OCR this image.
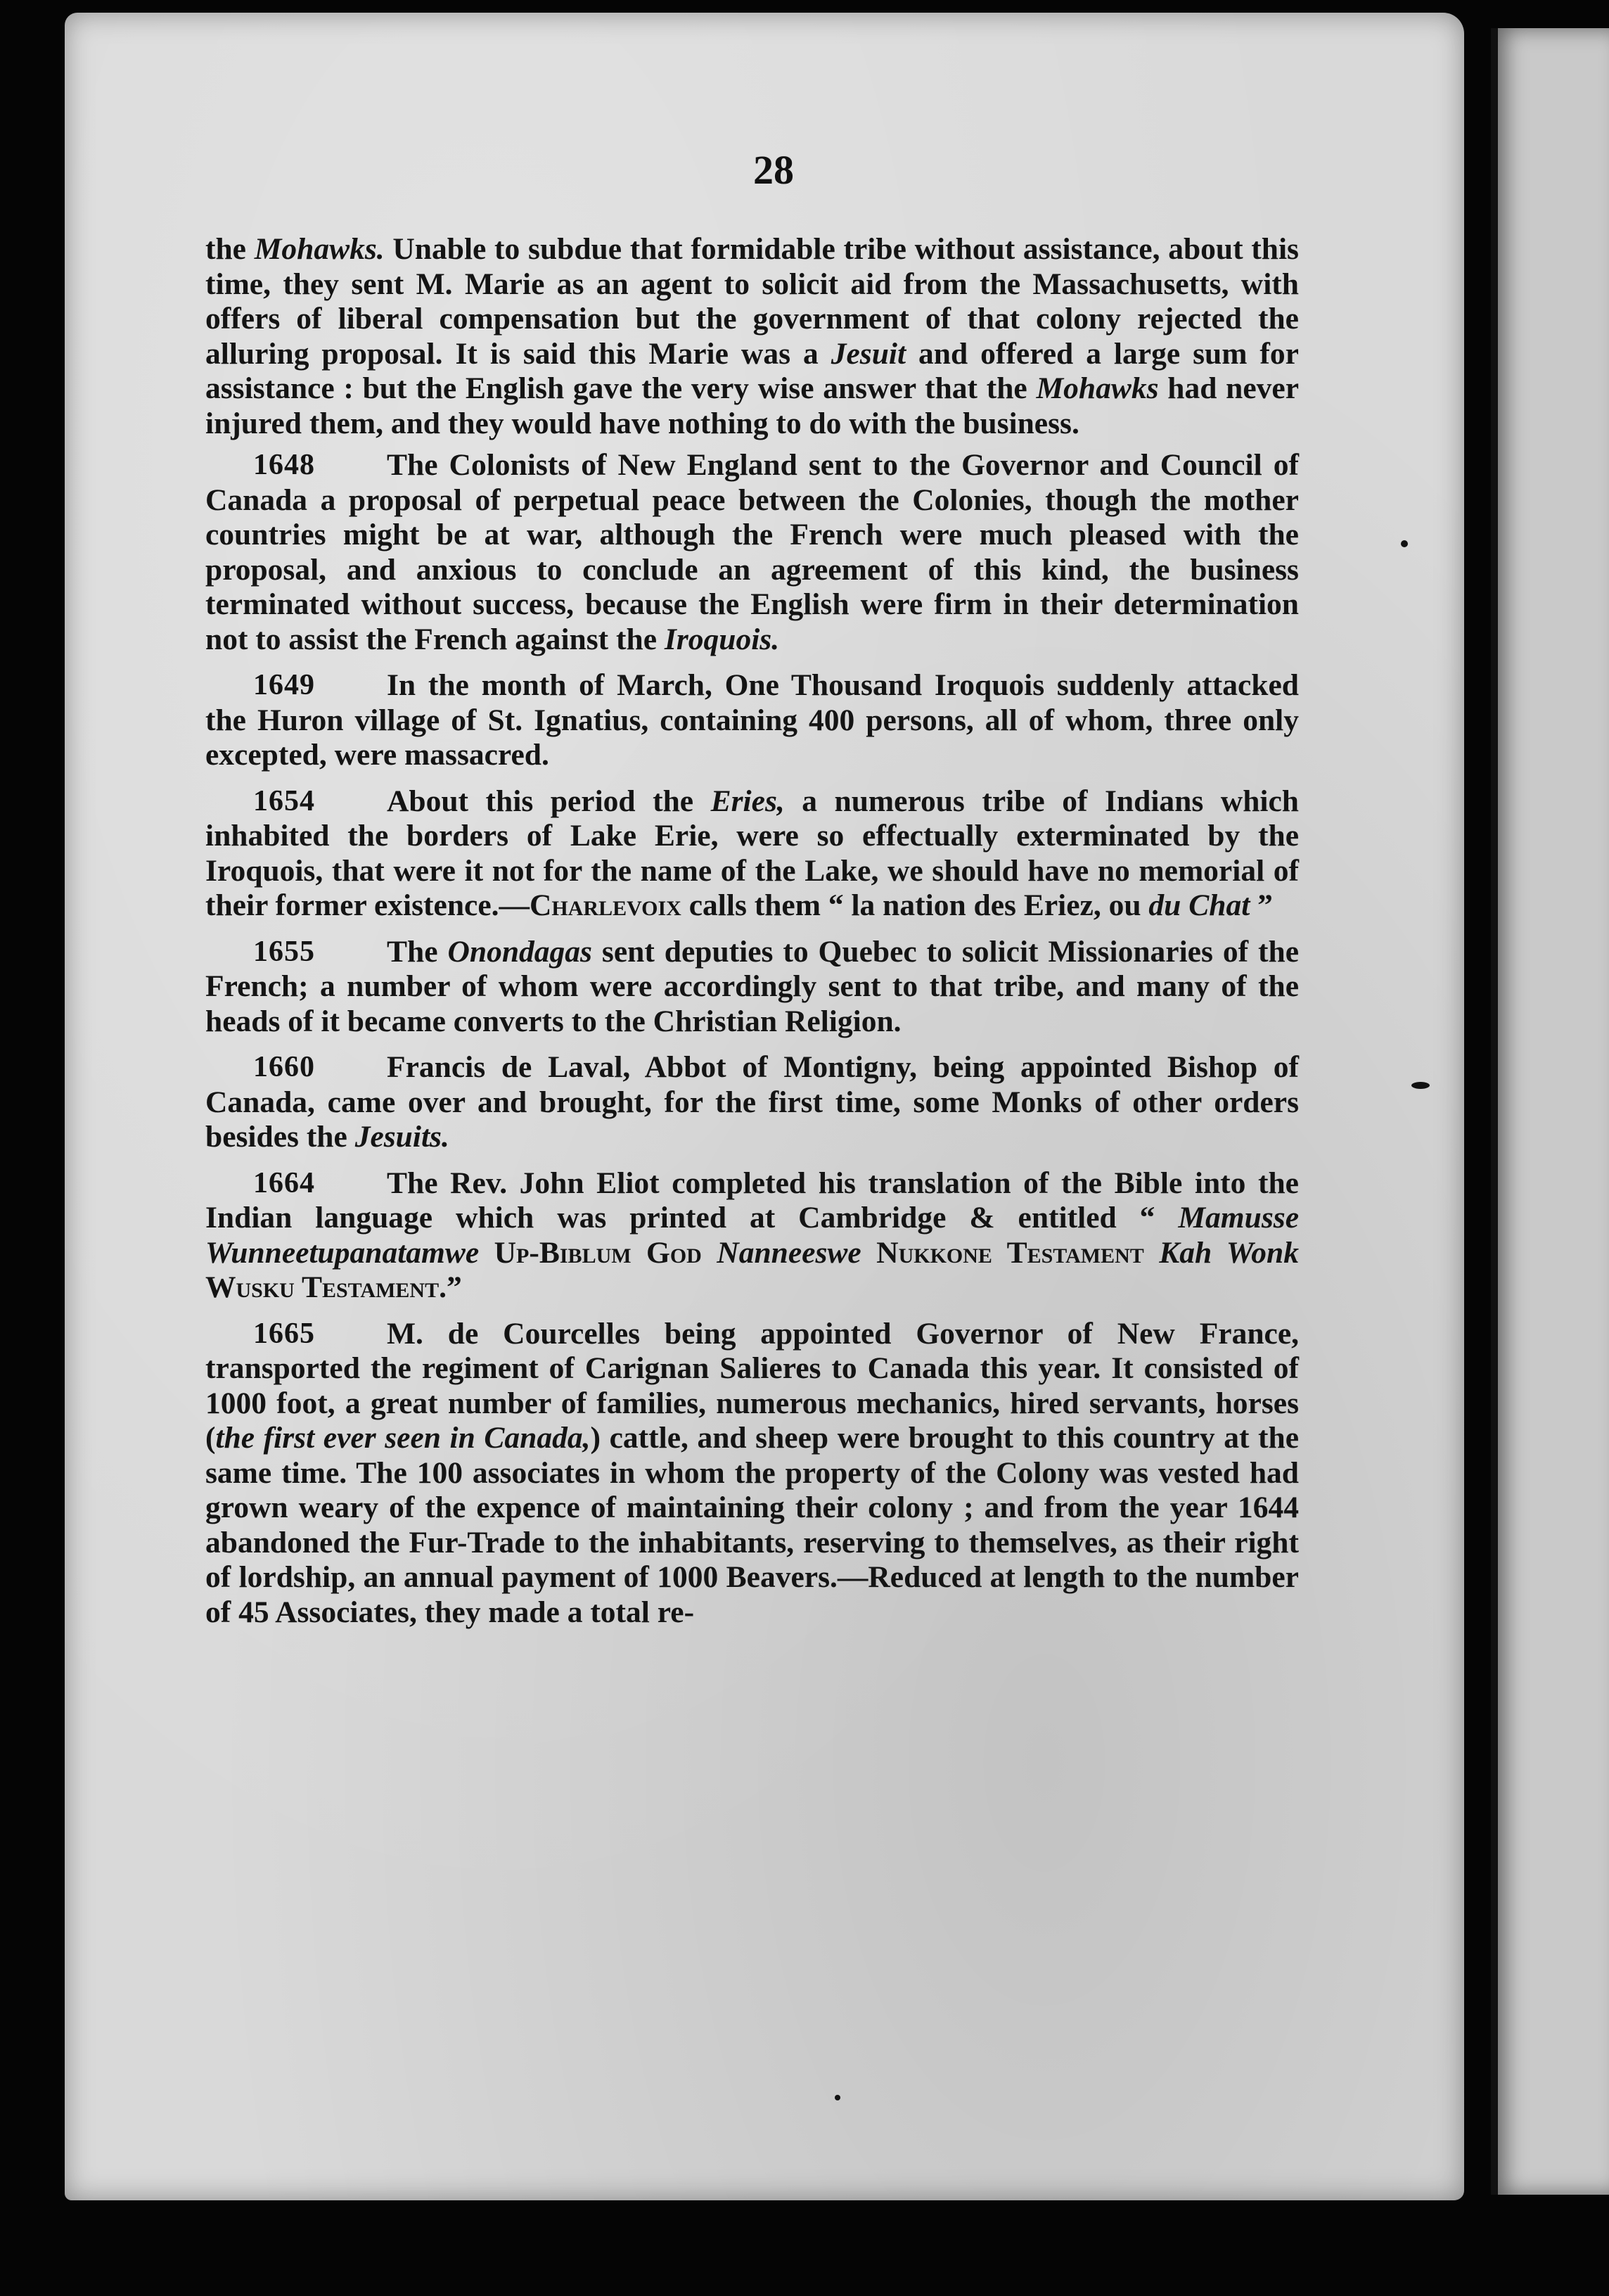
28

the Mohawks. Unable to subdue that formidable tribe without assistance, about this time, they sent M. Marie as an agent to solicit aid from the Massachusetts, with offers of liberal compensation but the government of that colony rejected the alluring proposal. It is said this Marie was a Jesuit and offered a large sum for assistance : but the English gave the very wise answer that the Mohawks had never injured them, and they would have nothing to do with the business.

1648 The Colonists of New England sent to the Governor and Council of Canada a proposal of perpetual peace between the Colonies, though the mother countries might be at war, although the French were much pleased with the proposal, and anxious to conclude an agreement of this kind, the business terminated without success, because the English were firm in their determination not to assist the French against the Iroquois.

1649 In the month of March, One Thousand Iroquois suddenly attacked the Huron village of St. Ignatius, containing 400 persons, all of whom, three only excepted, were massacred.

1654 About this period the Eries, a numerous tribe of Indians which inhabited the borders of Lake Erie, were so effectually exterminated by the Iroquois, that were it not for the name of the Lake, we should have no memorial of their former existence.—Charlevoix calls them “ la nation des Eriez, ou du Chat ”

1655 The Onondagas sent deputies to Quebec to solicit Missionaries of the French; a number of whom were accordingly sent to that tribe, and many of the heads of it became converts to the Christian Religion.

1660 Francis de Laval, Abbot of Montigny, being appointed Bishop of Canada, came over and brought, for the first time, some Monks of other orders besides the Jesuits.

1664 The Rev. John Eliot completed his translation of the Bible into the Indian language which was printed at Cambridge & entitled “ Mamusse Wunneetupanatamwe Up-Biblum God Nanneeswe Nukkone Testament Kah Wonk Wusku Testament.”

1665 M. de Courcelles being appointed Governor of New France, transported the regiment of Carignan Salieres to Canada this year. It consisted of 1000 foot, a great number of families, numerous mechanics, hired servants, horses (the first ever seen in Canada,) cattle, and sheep were brought to this country at the same time. The 100 associates in whom the property of the Colony was vested had grown weary of the expence of maintaining their colony ; and from the year 1644 abandoned the Fur-Trade to the inhabitants, reserving to themselves, as their right of lordship, an annual payment of 1000 Beavers.—Reduced at length to the number of 45 Associates, they made a total re-
